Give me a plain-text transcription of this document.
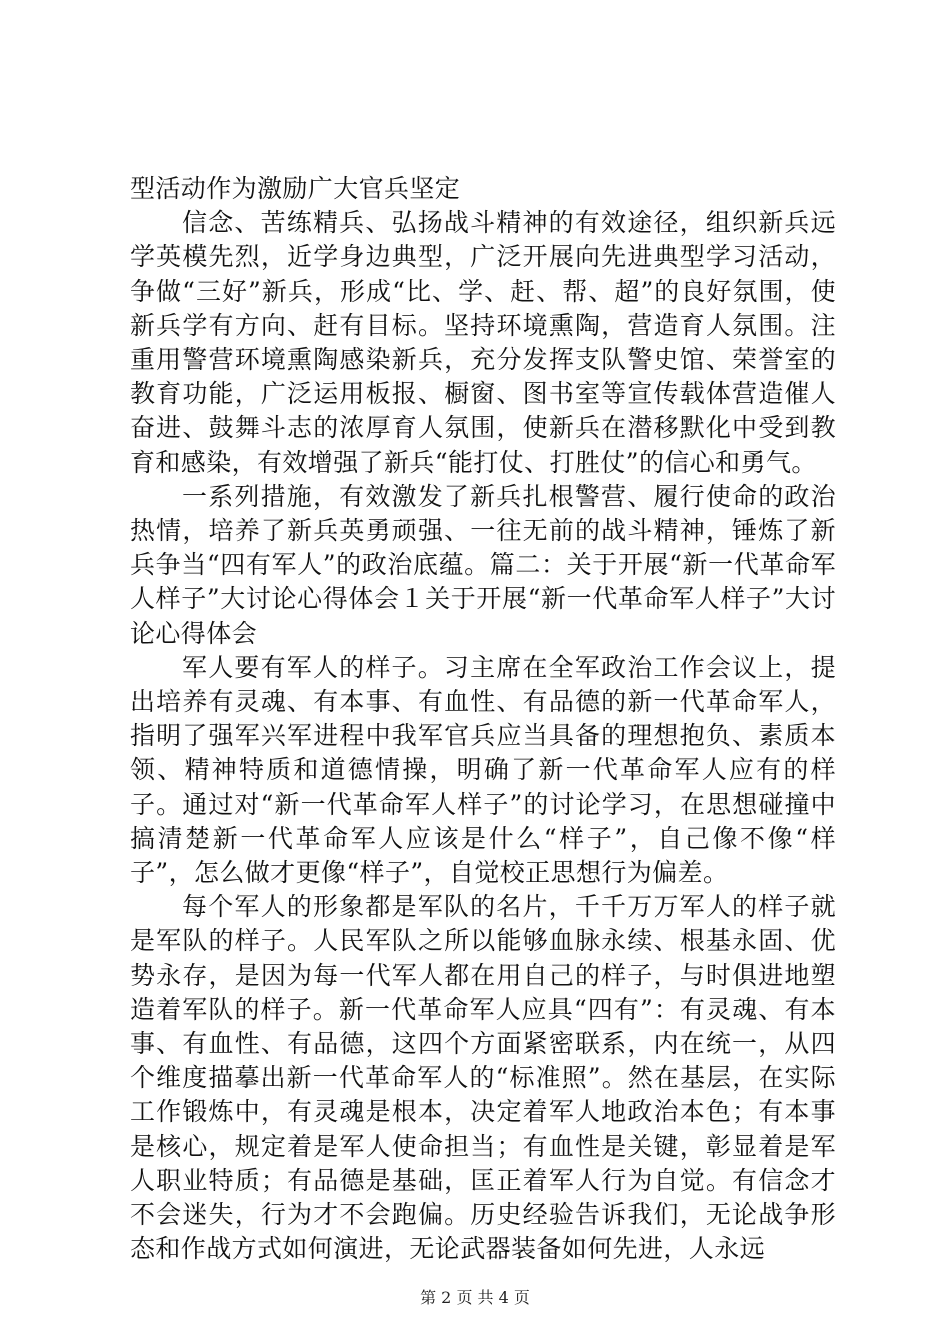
型活动作为激励广大官兵坚定

信念、苦练精兵、弘扬战斗精神的有效途径，组织新兵远学英模先烈，近学身边典型，广泛开展向先进典型学习活动，争做“三好”新兵，形成“比、学、赶、帮、超”的良好氛围，使新兵学有方向、赶有目标。坚持环境熏陶，营造育人氛围。注重用警营环境熏陶感染新兵，充分发挥支队警史馆、荣誉室的教育功能，广泛运用板报、橱窗、图书室等宣传载体营造催人奋进、鼓舞斗志的浓厚育人氛围，使新兵在潜移默化中受到教育和感染，有效增强了新兵“能打仗、打胜仗”的信心和勇气。

一系列措施，有效激发了新兵扎根警营、履行使命的政治热情，培养了新兵英勇顽强、一往无前的战斗精神，锤炼了新兵争当“四有军人”的政治底蕴。篇二：关于开展“新一代革命军人样子”大讨论心得体会１关于开展“新一代革命军人样子”大讨论心得体会

军人要有军人的样子。习主席在全军政治工作会议上，提出培养有灵魂、有本事、有血性、有品德的新一代革命军人，指明了强军兴军进程中我军官兵应当具备的理想抱负、素质本领、精神特质和道德情操，明确了新一代革命军人应有的样子。通过对“新一代革命军人样子”的讨论学习，在思想碰撞中搞清楚新一代革命军人应该是什么“样子”，自己像不像“样子”，怎么做才更像“样子”，自觉校正思想行为偏差。

每个军人的形象都是军队的名片，千千万万军人的样子就是军队的样子。人民军队之所以能够血脉永续、根基永固、优势永存，是因为每一代军人都在用自己的样子，与时俱进地塑造着军队的样子。新一代革命军人应具“四有”：有灵魂、有本事、有血性、有品德，这四个方面紧密联系，内在统一，从四个维度描摹出新一代革命军人的“标准照”。然在基层，在实际工作锻炼中，有灵魂是根本，决定着军人地政治本色；有本事是核心，规定着是军人使命担当；有血性是关键，彰显着是军人职业特质；有品德是基础，匡正着军人行为自觉。有信念才不会迷失，行为才不会跑偏。历史经验告诉我们，无论战争形态和作战方式如何演进，无论武器装备如何先进，人永远

第 2 页 共 4 页
